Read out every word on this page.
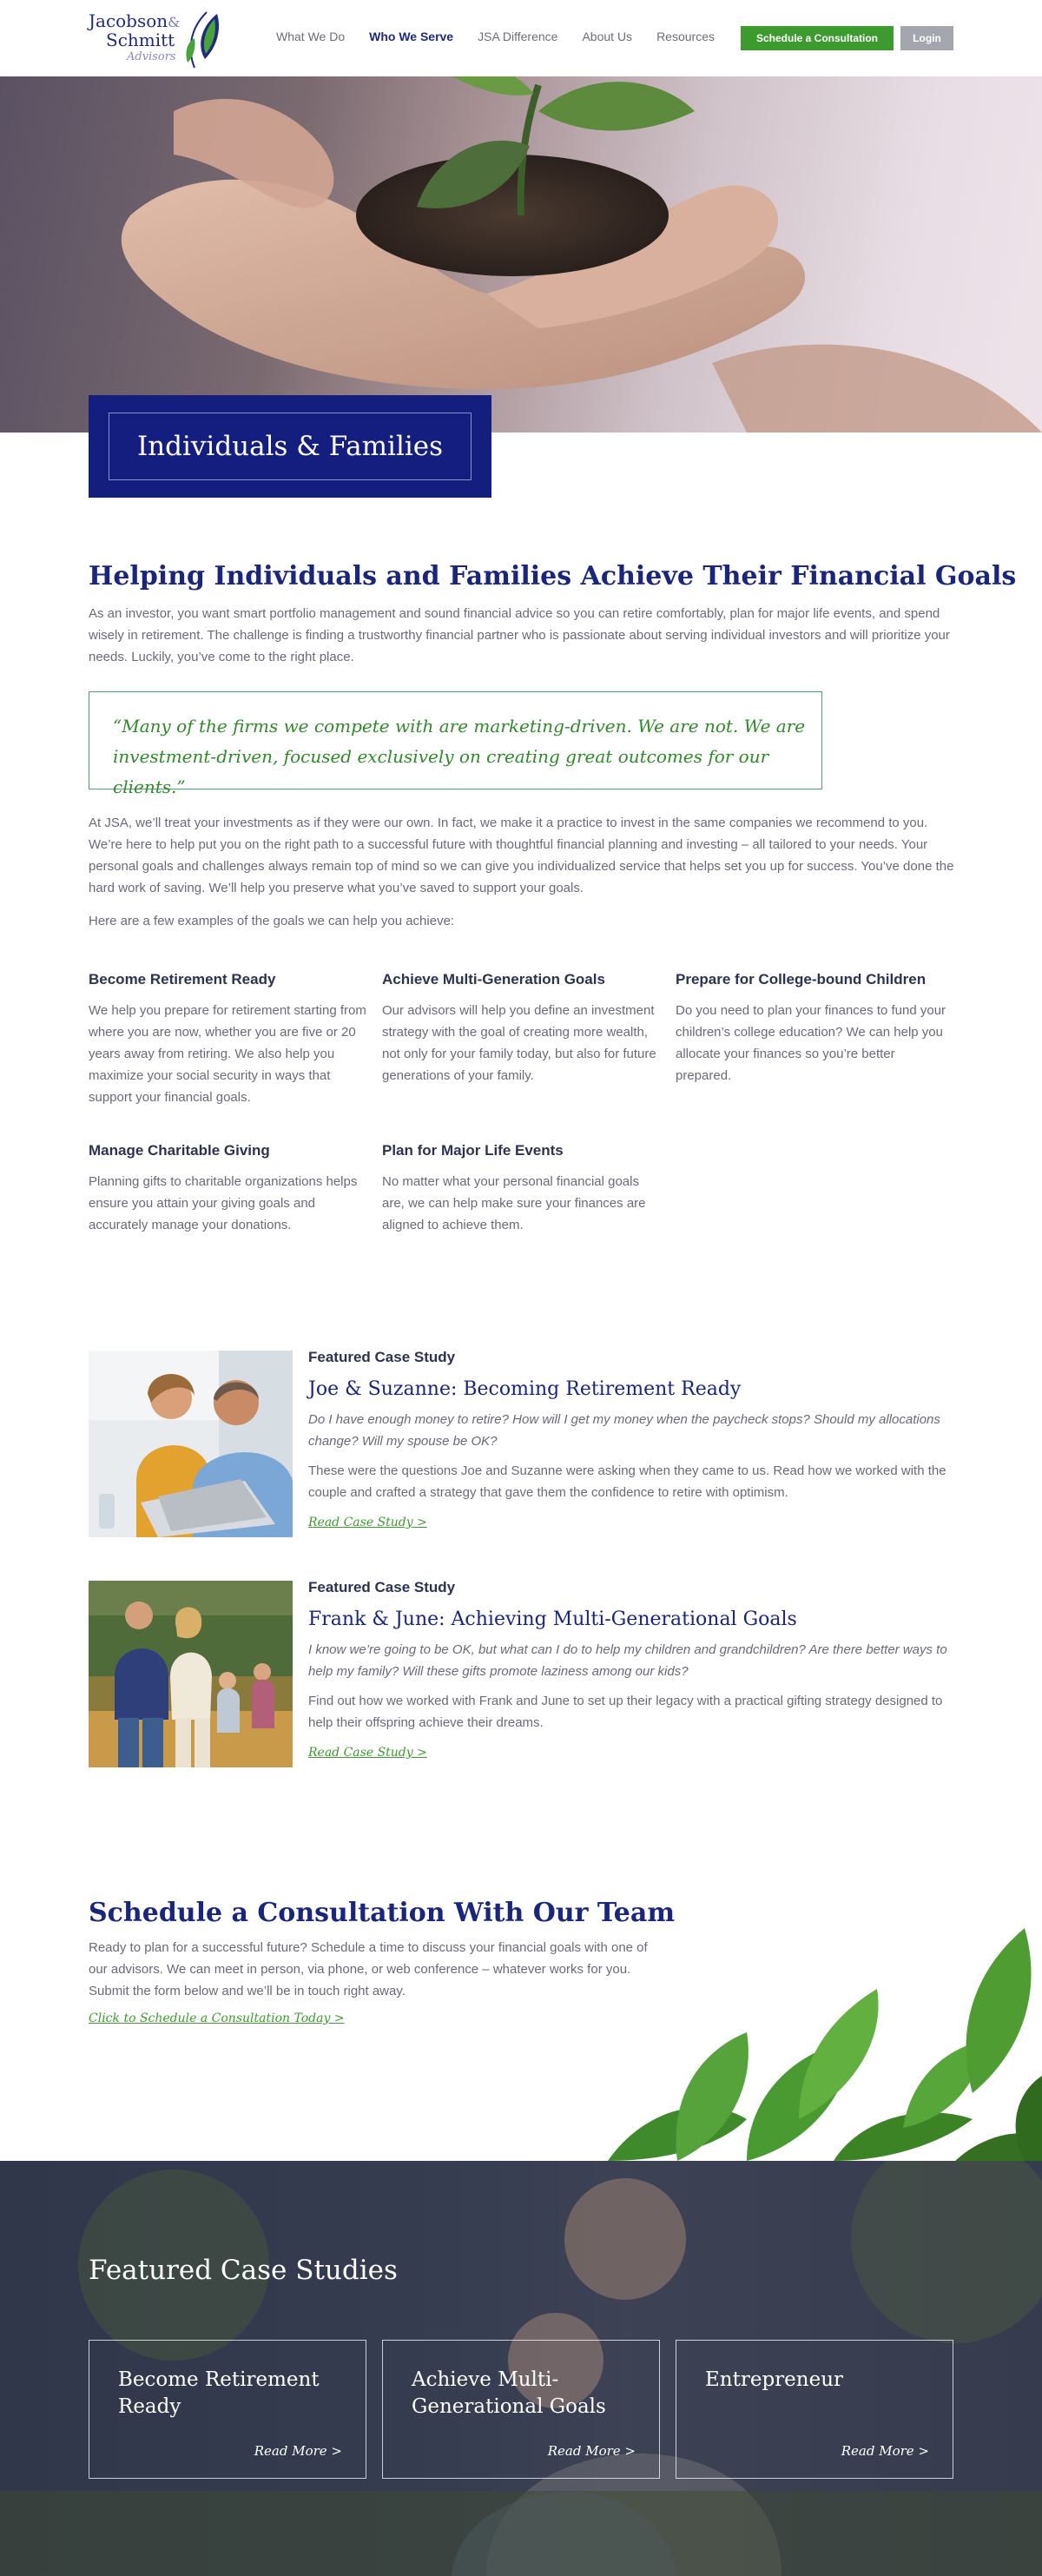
Jacobson&
Schmitt
Advisors
What We Do Who We Serve JSA Difference About Us Resources	Schedule a Consultation	Login
Individuals & Families
Helping Individuals and Families Achieve Their Financial Goals

As an investor, you want smart portfolio management and sound financial advice so you can retire comfortably, plan for major life events, and spend wisely in retirement. The challenge is finding a trustworthy financial partner who is passionate about serving individual investors and will prioritize your needs. Luckily, you’ve come to the right place.

“Many of the firms we compete with are marketing-driven. We are not. We are investment-driven, focused exclusively on creating great outcomes for our clients.”

At JSA, we’ll treat your investments as if they were our own. In fact, we make it a practice to invest in the same companies we recommend to you. We’re here to help put you on the right path to a successful future with thoughtful financial planning and investing – all tailored to your needs. Your personal goals and challenges always remain top of mind so we can give you individualized service that helps set you up for success. You’ve done the hard work of saving. We’ll help you preserve what you’ve saved to support your goals.

Here are a few examples of the goals we can help you achieve:

Become Retirement Ready

We help you prepare for retirement starting from where you are now, whether you are five or 20 years away from retiring. We also help you maximize your social security in ways that support your financial goals.

Achieve Multi-Generation Goals

Our advisors will help you define an investment strategy with the goal of creating more wealth, not only for your family today, but also for future generations of your family.

Prepare for College-bound Children

Do you need to plan your finances to fund your children’s college education? We can help you allocate your finances so you’re better prepared.

Manage Charitable Giving

Planning gifts to charitable organizations helps ensure you attain your giving goals and accurately manage your donations.

Plan for Major Life Events

No matter what your personal financial goals are, we can help make sure your finances are aligned to achieve them.

Featured Case Study
Joe & Suzanne: Becoming Retirement Ready

Do I have enough money to retire? How will I get my money when the paycheck stops? Should my allocations change? Will my spouse be OK?

These were the questions Joe and Suzanne were asking when they came to us. Read how we worked with the couple and crafted a strategy that gave them the confidence to retire with optimism.

Read Case Study >
Featured Case Study
Frank & June: Achieving Multi-Generational Goals

I know we’re going to be OK, but what can I do to help my children and grandchildren? Are there better ways to help my family? Will these gifts promote laziness among our kids?

Find out how we worked with Frank and June to set up their legacy with a practical gifting strategy designed to help their offspring achieve their dreams.

Read Case Study >
Schedule a Consultation With Our Team

Ready to plan for a successful future? Schedule a time to discuss your financial goals with one of our advisors. We can meet in person, via phone, or web conference – whatever works for you. Submit the form below and we’ll be in touch right away.

Click to Schedule a Consultation Today >
Featured Case Studies
Become Retirement Ready
Read More >
Achieve Multi-Generational Goals
Read More >
Entrepreneur
Read More >
